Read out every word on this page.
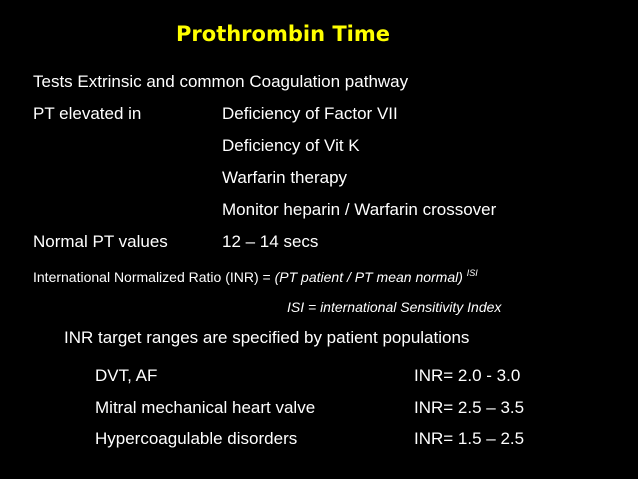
Prothrombin Time
Tests Extrinsic and common Coagulation pathway
PT elevated in	Deficiency of Factor VII
Deficiency of Vit K
Warfarin therapy
Monitor heparin / Warfarin crossover
Normal PT values	12 – 14 secs
International Normalized Ratio (INR) = (PT patient / PT mean normal) $^{ISI}$
ISI = international Sensitivity Index
INR target ranges are specified by patient populations
DVT, AF	INR= 2.0 - 3.0
Mitral mechanical heart valve	INR= 2.5 – 3.5
Hypercoagulable disorders	INR= 1.5 – 2.5
